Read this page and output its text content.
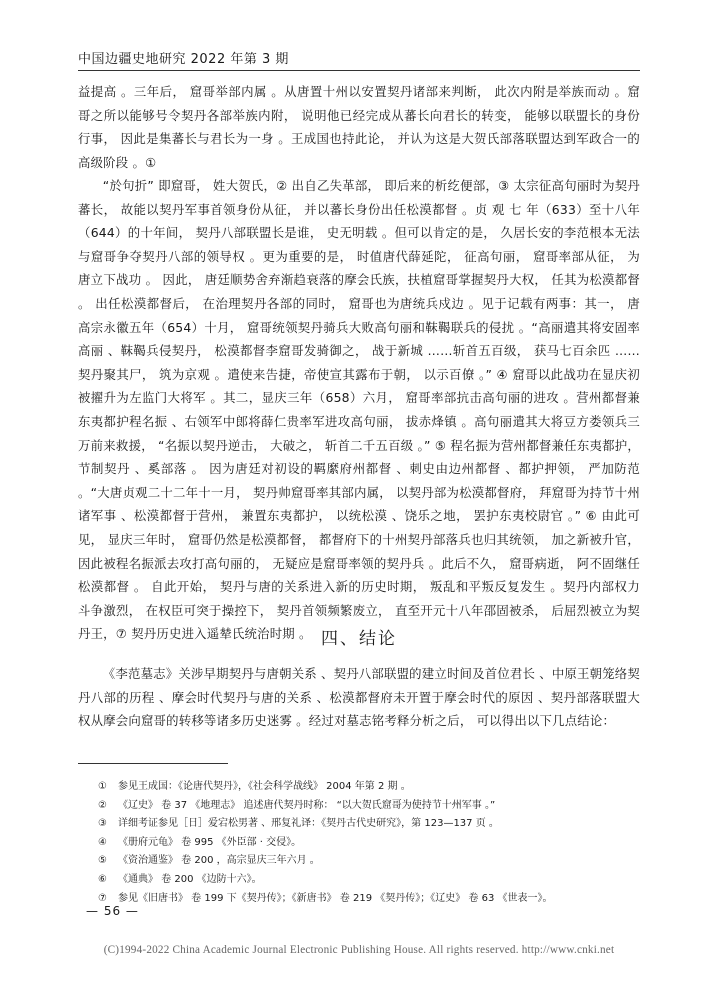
中国边疆史地研究 2022 年第 3 期

益提高 。三年后， 窟哥举部内属 。从唐置十州以安置契丹诸部来判断， 此次内附是举族而动 。窟哥之所以能够号令契丹各部举族内附， 说明他已经完成从蕃长向君长的转变， 能够以联盟长的身份行事， 因此是集蕃长与君长为一身 。王成国也持此论， 并认为这是大贺氏部落联盟达到军政合一的高级阶段 。①

“於句折” 即窟哥， 姓大贺氏，② 出自乙失革部， 即后来的析纥便部，③ 太宗征高句丽时为契丹蕃长， 故能以契丹军事首领身份从征， 并以蕃长身份出任松漠都督 。贞 观 七 年（633）至十八年（644）的十年间， 契丹八部联盟长是谁， 史无明载 。但可以肯定的是， 久居长安的李范根本无法与窟哥争夺契丹八部的领导权 。更为重要的是， 时值唐代薛延陀， 征高句丽， 窟哥率部从征， 为唐立下战功 。 因此， 唐廷顺势舍弃渐趋衰落的摩会氏族，扶植窟哥掌握契丹大权， 任其为松漠都督 。 出任松漠都督后， 在治理契丹各部的同时， 窟哥也为唐统兵戍边 。见于记载有两事：其一， 唐高宗永徽五年（654）十月， 窟哥统领契丹骑兵大败高句丽和靺鞨联兵的侵扰 。“高丽遣其将安固率高丽 、靺鞨兵侵契丹， 松漠都督李窟哥发骑御之， 战于新城 ……斩首五百级， 获马七百余匹 …… 契丹聚其尸， 筑为京观 。遣使来告捷，帝使宣其露布于朝， 以示百僚 。” ④ 窟哥以此战功在显庆初被擢升为左监门大将军 。其二，显庆三年（658）六月， 窟哥率部抗击高句丽的进攻 。营州都督兼东夷都护程名振 、右领军中郎将薛仁贵率军进攻高句丽， 拔赤烽镇 。高句丽遣其大将豆方娄领兵三万前来救援， “名振以契丹逆击， 大破之， 斩首二千五百级 。” ⑤ 程名振为营州都督兼任东夷都护， 节制契丹 、奚部落 。 因为唐廷对初设的羁縻府州都督 、刺史由边州都督 、都护押领， 严加防范 。“大唐贞观二十二年十一月， 契丹帅窟哥率其部内属， 以契丹部为松漠都督府， 拜窟哥为持节十州诸军事 、松漠都督于营州， 兼置东夷都护， 以统松漠 、饶乐之地， 罢护东夷校尉官 。” ⑥ 由此可见， 显庆三年时， 窟哥仍然是松漠都督， 都督府下的十州契丹部落兵也归其统领， 加之新被升官， 因此被程名振派去攻打高句丽的， 无疑应是窟哥率领的契丹兵 。此后不久， 窟哥病逝， 阿不固继任松漠都督 。 自此开始， 契丹与唐的关系进入新的历史时期， 叛乱和平叛反复发生 。契丹内部权力斗争激烈， 在权臣可突于操控下， 契丹首领频繁废立， 直至开元十八年邵固被杀， 后屈烈被立为契丹王，⑦ 契丹历史进入遥辇氏统治时期 。 四、结论

《李范墓志》关涉早期契丹与唐朝关系 、契丹八部联盟的建立时间及首位君长 、中原王朝笼络契丹八部的历程 、摩会时代契丹与唐的关系 、松漠都督府未开置于摩会时代的原因 、契丹部落联盟大权从摩会向窟哥的转移等诸多历史迷雾 。经过对墓志铭考释分析之后， 可以得出以下几点结论：

① 参见王成国：《论唐代契丹》，《社会科学战线》 2004 年第 2 期 。
② 《辽史》 卷 37 《地理志》 追述唐代契丹时称： “以大贺氏窟哥为使持节十州军事 。”
③ 详细考证参见［日］爱宕松男著 、邢复礼译：《契丹古代史研究》，第 123—137 页 。
④ 《册府元龟》 卷 995 《外臣部 · 交侵》。
⑤ 《资治通鉴》 卷 200 ，高宗显庆三年六月 。
⑥ 《通典》 卷 200 《边防十六》。
⑦ 参见《旧唐书》 卷 199 下《契丹传》；《新唐书》 卷 219 《契丹传》；《辽史》 卷 63 《世表一》。
— 56 —
(C)1994-2022 China Academic Journal Electronic Publishing House. All rights reserved. http://www.cnki.net
